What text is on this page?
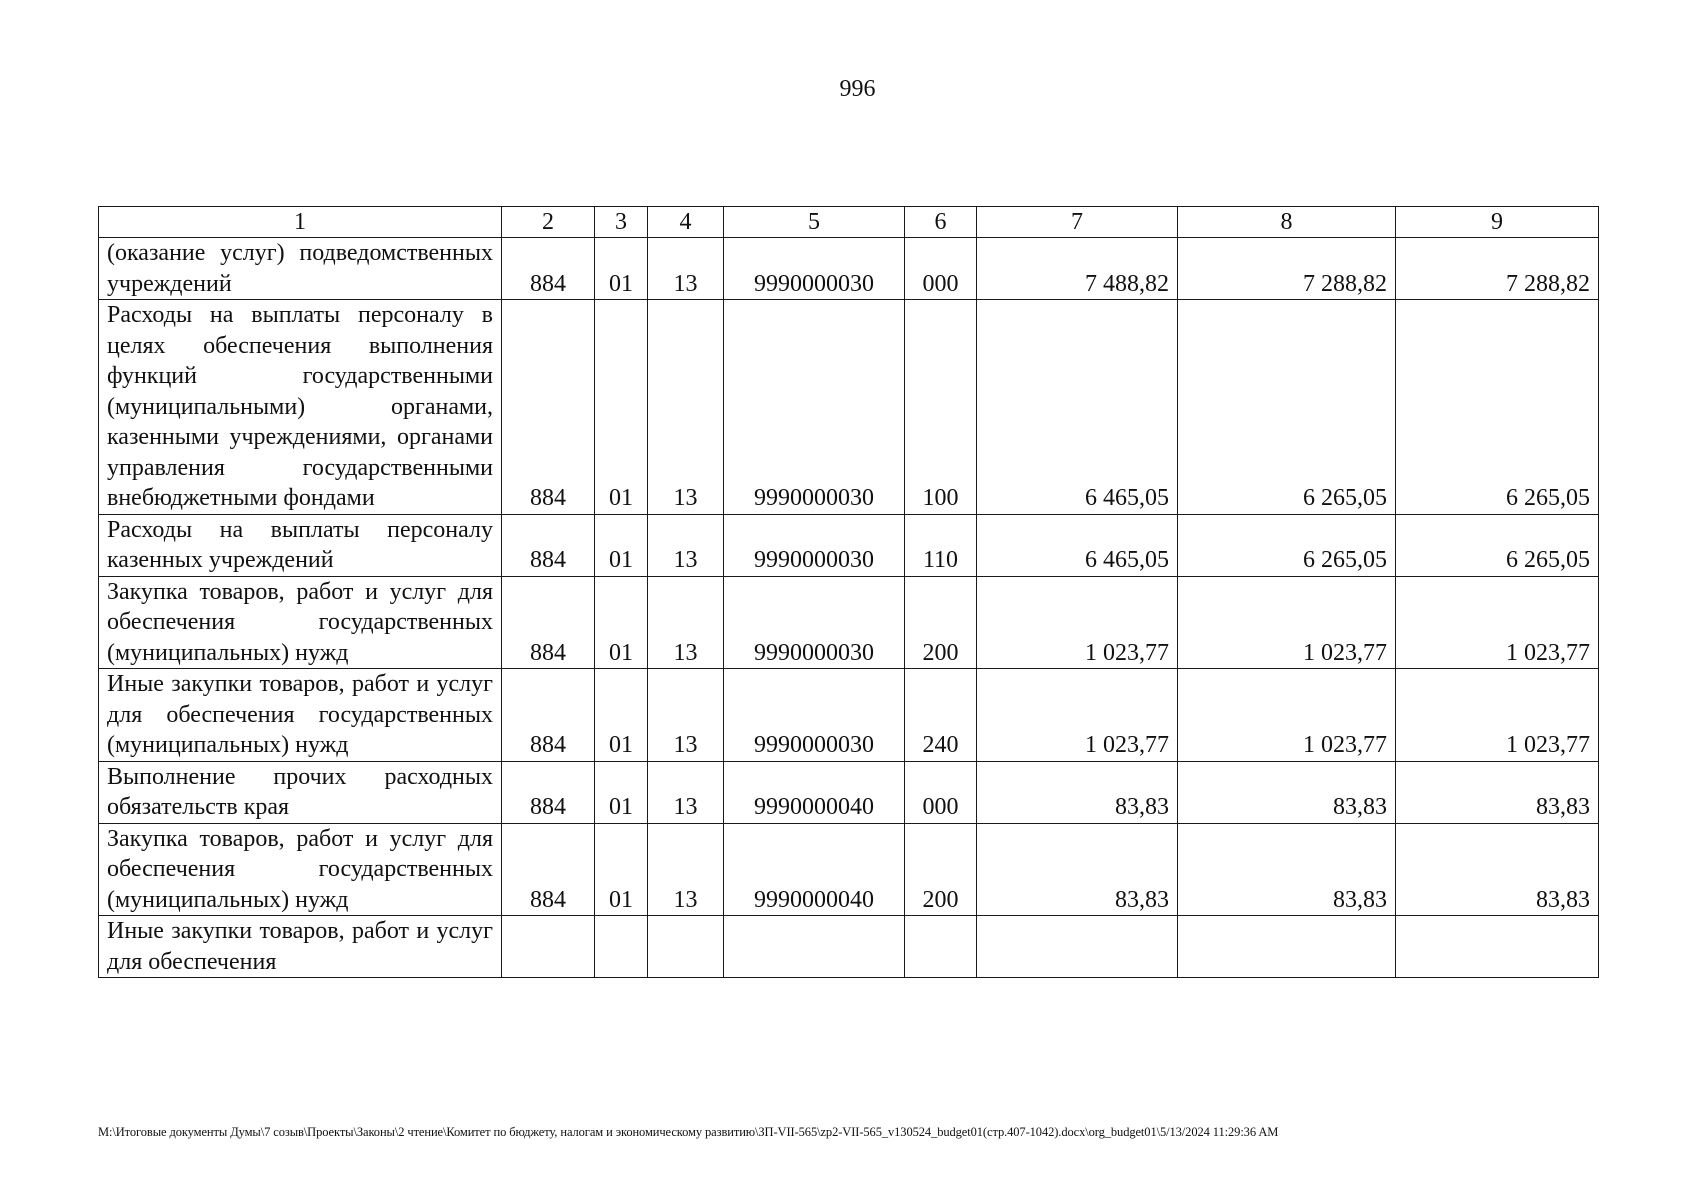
996
1	2	3	4	5	6	7	8	9
(оказание услуг) подведомственных учреждений	884	01	13	9990000030	000	7 488,82	7 288,82	7 288,82
Расходы на выплаты персоналу в целях обеспечения выполнения функций государственными (муниципальными) органами, казенными учреждениями, органами управления государственными внебюджетными фондами	884	01	13	9990000030	100	6 465,05	6 265,05	6 265,05
Расходы на выплаты персоналу казенных учреждений	884	01	13	9990000030	110	6 465,05	6 265,05	6 265,05
Закупка товаров, работ и услуг для обеспечения государственных (муниципальных) нужд	884	01	13	9990000030	200	1 023,77	1 023,77	1 023,77
Иные закупки товаров, работ и услуг для обеспечения государственных (муниципальных) нужд	884	01	13	9990000030	240	1 023,77	1 023,77	1 023,77
Выполнение прочих расходных обязательств края	884	01	13	9990000040	000	83,83	83,83	83,83
Закупка товаров, работ и услуг для обеспечения государственных (муниципальных) нужд	884	01	13	9990000040	200	83,83	83,83	83,83
Иные закупки товаров, работ и услуг для обеспечения								
M:\Итоговые документы Думы\7 созыв\Проекты\Законы\2 чтение\Комитет по бюджету, налогам и экономическому развитию\ЗП-VII-565\zp2-VII-565_v130524_budget01(стр.407-1042).docx\org_budget01\5/13/2024 11:29:36 AM
